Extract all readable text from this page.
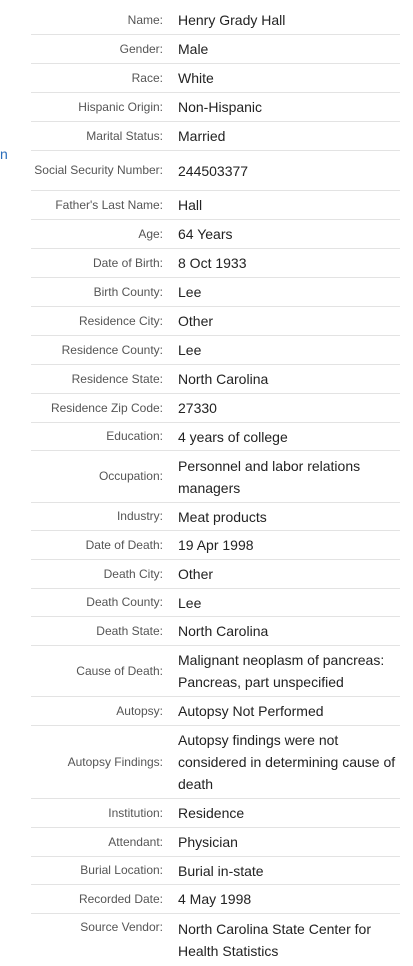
n
Name: Henry Grady Hall
Gender: Male
Race: White
Hispanic Origin: Non-Hispanic
Marital Status: Married
Social Security Number: 244503377
Father's Last Name: Hall
Age: 64 Years
Date of Birth: 8 Oct 1933
Birth County: Lee
Residence City: Other
Residence County: Lee
Residence State: North Carolina
Residence Zip Code: 27330
Education: 4 years of college
Occupation:
Personnel and labor relations managers
Industry: Meat products
Date of Death: 19 Apr 1998
Death City: Other
Death County: Lee
Death State: North Carolina
Cause of Death:
Malignant neoplasm of pancreas: Pancreas, part unspecified
Autopsy: Autopsy Not Performed
Autopsy Findings:
Autopsy findings were not considered in determining cause of death
Institution: Residence
Attendant: Physician
Burial Location: Burial in-state
Recorded Date: 4 May 1998
Source Vendor: North Carolina State Center for Health Statistics
